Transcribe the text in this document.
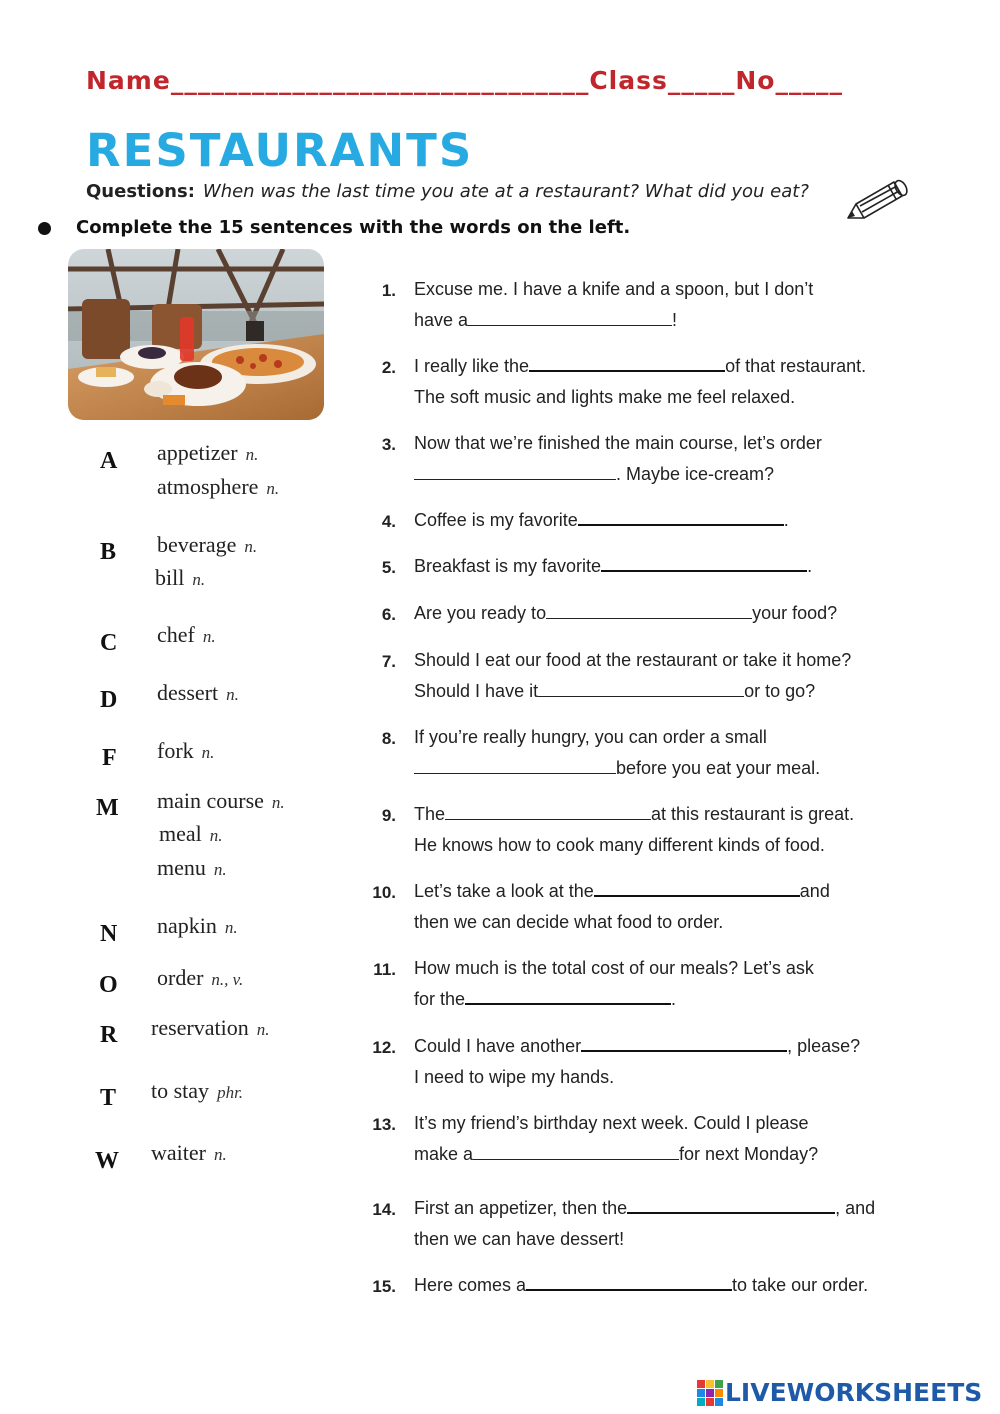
Name_______________________________Class_____No_____
RESTAURANTS
Questions: When was the last time you ate at a restaurant? What did you eat?
Complete the 15 sentences with the words on the left.
A appetizer n.
atmosphere n.
B beverage n.
bill n.
C chef n.
D dessert n.
F fork n.
M main course n.
meal n.
menu n.
N napkin n.
O order n., v.
R reservation n.
T to stay phr.
W waiter n.
1. Excuse me. I have a knife and a spoon, but I don’t
have a	!
2. I really like the	of that restaurant.
The soft music and lights make me feel relaxed.
3. Now that we’re finished the main course, let’s order
. Maybe ice-cream?
4. Coffee is my favorite	.
5. Breakfast is my favorite	.
6. Are you ready to	your food?
7. Should I eat our food at the restaurant or take it home?
Should I have it	or to go?
8. If you’re really hungry, you can order a small
before you eat your meal.
9. The	at this restaurant is great.
He knows how to cook many different kinds of food.
10. Let’s take a look at the	and
then we can decide what food to order.
11. How much is the total cost of our meals? Let’s ask
for the	.
12. Could I have another	, please?
I need to wipe my hands.
13. It’s my friend’s birthday next week. Could I please
make a	for next Monday?
14. First an appetizer, then the	, and
then we can have dessert!
15. Here comes a	to take our order.
LIVEWORKSHEETS
